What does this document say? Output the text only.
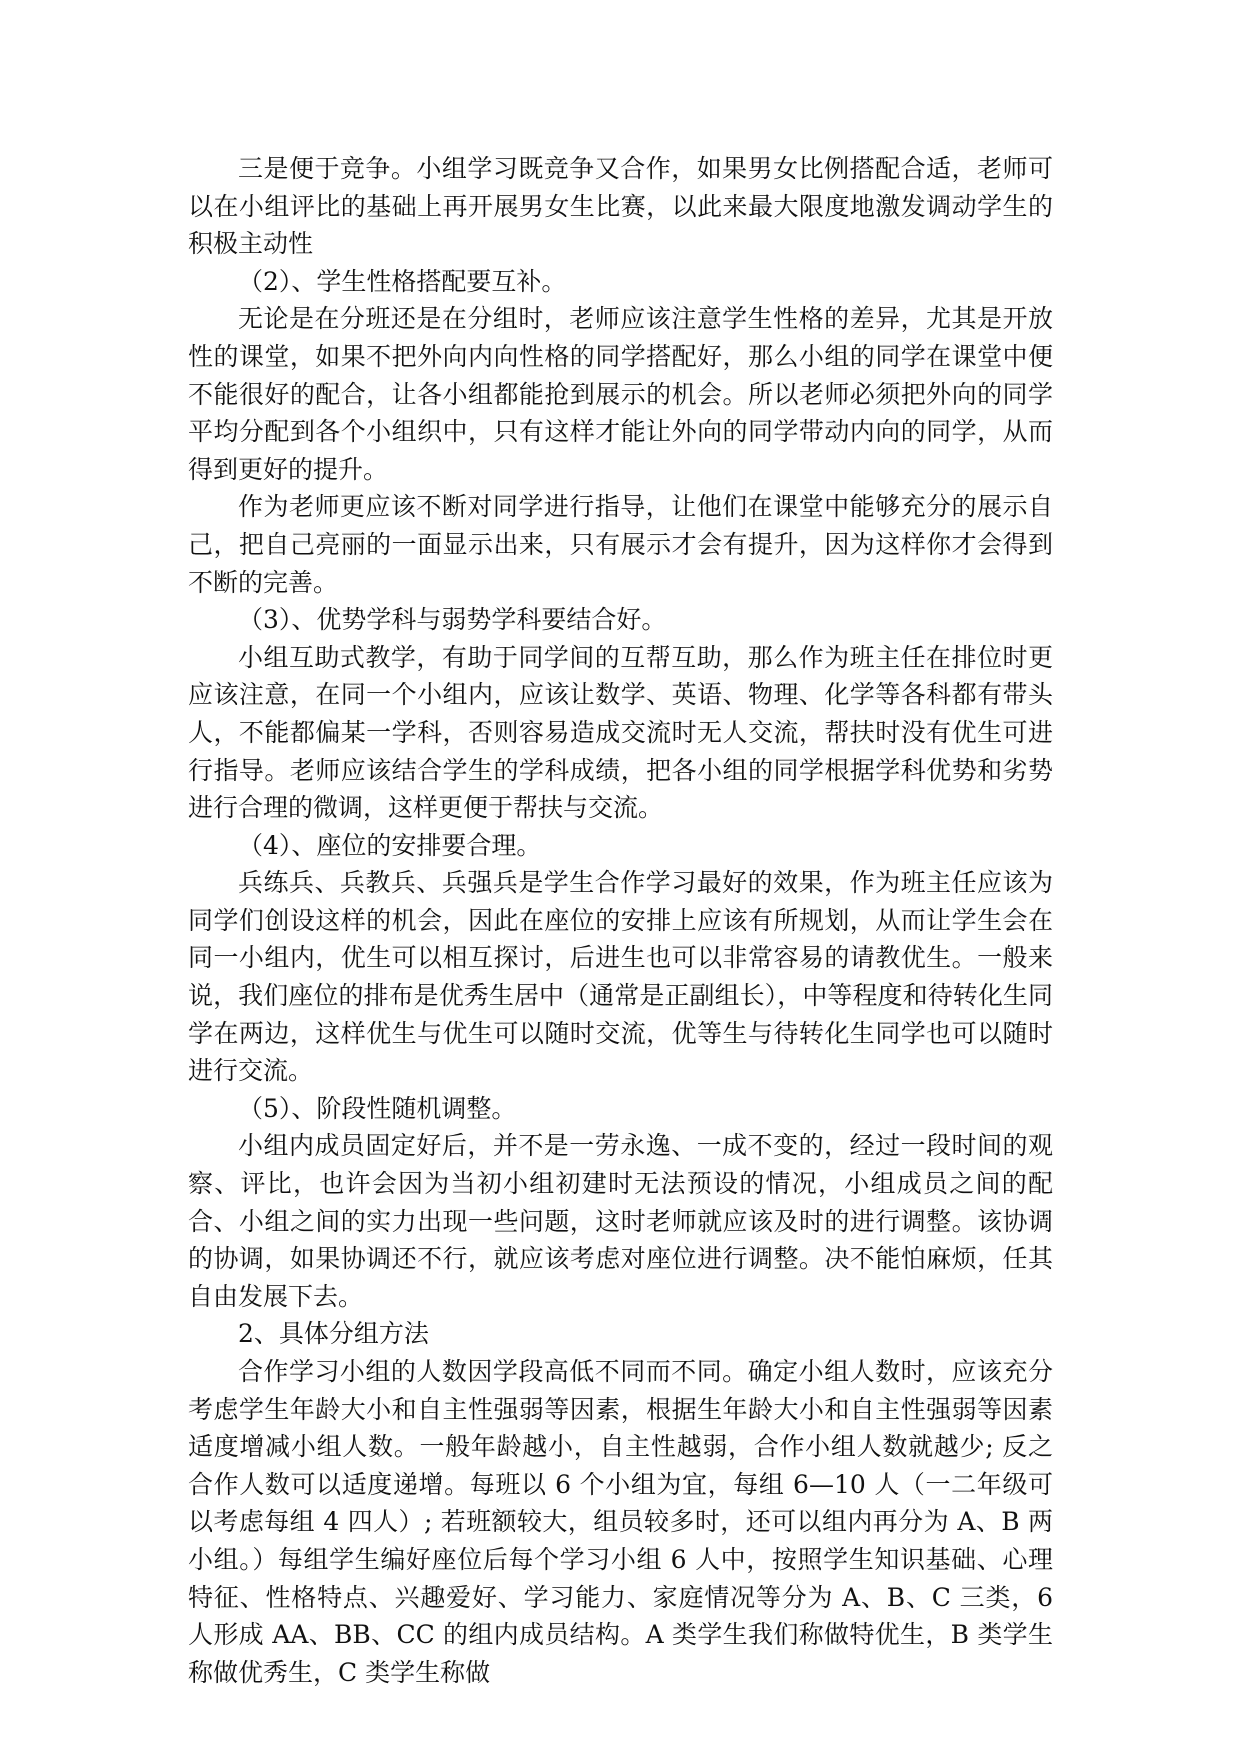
三是便于竞争。小组学习既竞争又合作，如果男女比例搭配合适，老师可以在小组评比的基础上再开展男女生比赛，以此来最大限度地激发调动学生的积极主动性

（2）、学生性格搭配要互补。

无论是在分班还是在分组时，老师应该注意学生性格的差异，尤其是开放性的课堂，如果不把外向内向性格的同学搭配好，那么小组的同学在课堂中便不能很好的配合，让各小组都能抢到展示的机会。所以老师必须把外向的同学平均分配到各个小组织中，只有这样才能让外向的同学带动内向的同学，从而得到更好的提升。

作为老师更应该不断对同学进行指导，让他们在课堂中能够充分的展示自己，把自己亮丽的一面显示出来，只有展示才会有提升，因为这样你才会得到不断的完善。

（3）、优势学科与弱势学科要结合好。

小组互助式教学，有助于同学间的互帮互助，那么作为班主任在排位时更应该注意，在同一个小组内，应该让数学、英语、物理、化学等各科都有带头人，不能都偏某一学科，否则容易造成交流时无人交流，帮扶时没有优生可进行指导。老师应该结合学生的学科成绩，把各小组的同学根据学科优势和劣势进行合理的微调，这样更便于帮扶与交流。

（4）、座位的安排要合理。

兵练兵、兵教兵、兵强兵是学生合作学习最好的效果，作为班主任应该为同学们创设这样的机会，因此在座位的安排上应该有所规划，从而让学生会在同一小组内，优生可以相互探讨，后进生也可以非常容易的请教优生。一般来说，我们座位的排布是优秀生居中（通常是正副组长），中等程度和待转化生同学在两边，这样优生与优生可以随时交流，优等生与待转化生同学也可以随时进行交流。

（5）、阶段性随机调整。

小组内成员固定好后，并不是一劳永逸、一成不变的，经过一段时间的观察、评比，也许会因为当初小组初建时无法预设的情况，小组成员之间的配合、小组之间的实力出现一些问题，这时老师就应该及时的进行调整。该协调的协调，如果协调还不行，就应该考虑对座位进行调整。决不能怕麻烦，任其自由发展下去。

2、具体分组方法

合作学习小组的人数因学段高低不同而不同。确定小组人数时，应该充分考虑学生年龄大小和自主性强弱等因素，根据生年龄大小和自主性强弱等因素适度增减小组人数。一般年龄越小，自主性越弱，合作小组人数就越少; 反之合作人数可以适度递增。每班以 6 个小组为宜，每组 6—10 人（一二年级可以考虑每组 4 四人）; 若班额较大，组员较多时，还可以组内再分为 A、B 两小组。）每组学生编好座位后每个学习小组 6 人中，按照学生知识基础、心理特征、性格特点、兴趣爱好、学习能力、家庭情况等分为 A、B、C 三类，6 人形成 AA、BB、CC 的组内成员结构。A 类学生我们称做特优生，B 类学生称做优秀生，C 类学生称做
